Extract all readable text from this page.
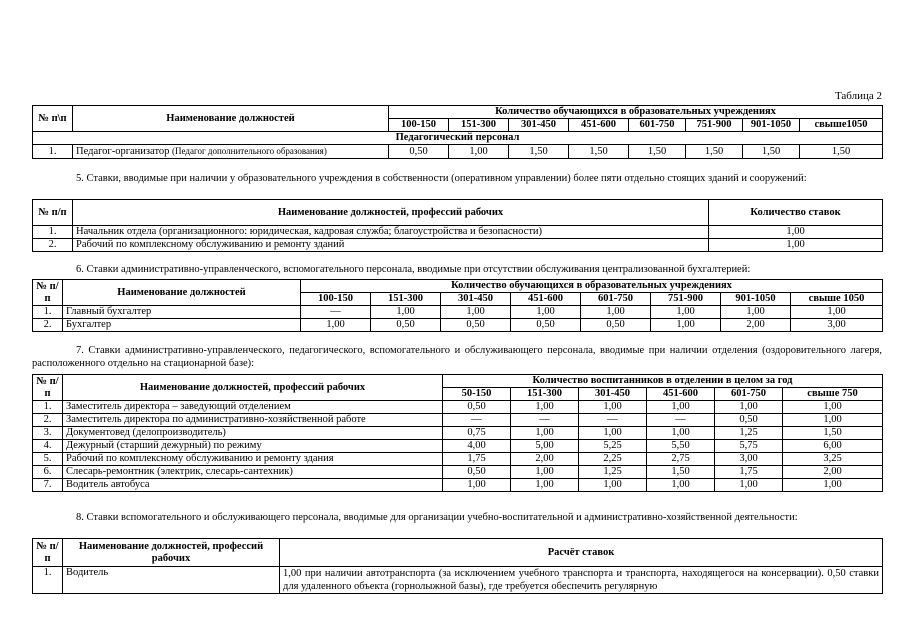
Таблица 2
№ п\п	Наименование должностей	Количество обучающихся в образовательных учреждениях							
		100-150	151-300	301-450	451-600	601-750	751-900	901-1050	свыше1050
Педагогический персонал									
1.	Педагог-организатор (Педагог дополнительного образования)	0,50	1,00	1,50	1,50	1,50	1,50	1,50	1,50
5. Ставки, вводимые при наличии у образовательного учреждения в собственности (оперативном управлении) более пяти отдельно стоящих зданий и сооружений:
№ п/п	Наименование должностей, профессий рабочих	Количество ставок
1.	Начальник отдела (организационного: юридическая, кадровая служба; благоустройства и безопасности)	1,00
2.	Рабочий по комплексному обслуживанию и ремонту зданий	1,00
6. Ставки административно-управленческого, вспомогательного персонала, вводимые при отсутствии обслуживания централизованной бухгалтерией:
№ п/п	Наименование должностей	Количество обучающихся в образовательных учреждениях							
		100-150	151-300	301-450	451-600	601-750	751-900	901-1050	свыше 1050
1.	Главный бухгалтер	—	1,00	1,00	1,00	1,00	1,00	1,00	1,00
2.	Бухгалтер	1,00	0,50	0,50	0,50	0,50	1,00	2,00	3,00
7. Ставки административно-управленческого, педагогического, вспомогательного и обслуживающего персонала, вводимые при наличии отделения (оздоровительного лагеря, расположенного отдельно на стационарной базе):
№ п/п	Наименование должностей, профессий рабочих	Количество воспитанников в отделении в целом за год					
		50-150	151-300	301-450	451-600	601-750	свыше 750
1.	Заместитель директора – заведующий отделением	0,50	1,00	1,00	1,00	1,00	1,00
2.	Заместитель директора по административно-хозяйственной работе	—	—	—	—	0,50	1,00
3.	Документовед (делопроизводитель)	0,75	1,00	1,00	1,00	1,25	1,50
4.	Дежурный (старший дежурный) по режиму	4,00	5,00	5,25	5,50	5,75	6,00
5.	Рабочий по комплексному обслуживанию и ремонту здания	1,75	2,00	2,25	2,75	3,00	3,25
6.	Слесарь-ремонтник (электрик, слесарь-сантехник)	0,50	1,00	1,25	1,50	1,75	2,00
7.	Водитель автобуса	1,00	1,00	1,00	1,00	1,00	1,00
8. Ставки вспомогательного и обслуживающего персонала, вводимые для организации учебно-воспитательной и административно-хозяйственной деятельности:
№ п/п	Наименование должностей, профессий рабочих	Расчёт ставок
1.	Водитель	1,00 при наличии автотранспорта (за исключением учебного транспорта и транспорта, находящегося на консервации). 0,50 ставки для удаленного объекта (горнолыжной базы), где требуется обеспечить регулярную
